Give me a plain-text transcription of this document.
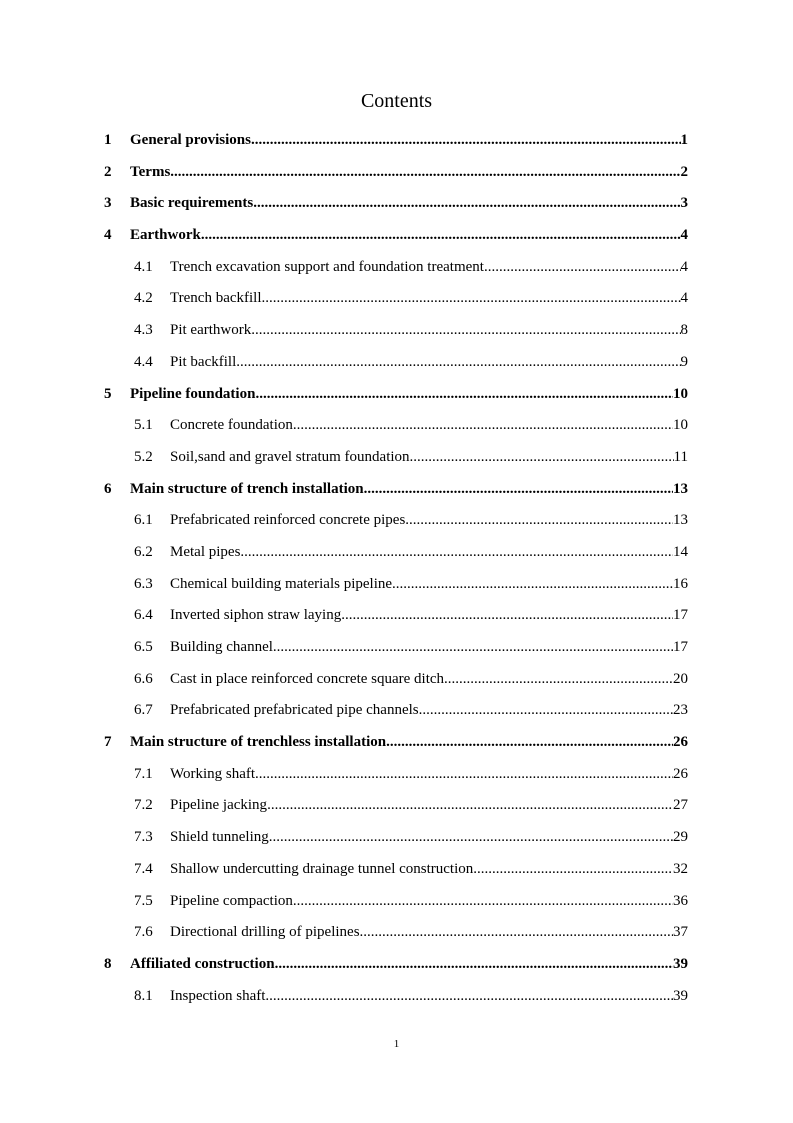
Contents
1 General provisions .....	1
2 Terms .....	2
3 Basic requirements .....	3
4 Earthwork .....	4
4.1 Trench excavation support and foundation treatment .....	4
4.2 Trench backfill .....	4
4.3 Pit earthwork .....	8
4.4 Pit backfill .....	9
5 Pipeline foundation .....	10
5.1 Concrete foundation .....	10
5.2 Soil,sand and gravel stratum foundation .....	11
6 Main structure of trench installation .....	13
6.1 Prefabricated reinforced concrete pipes .....	13
6.2 Metal pipes .....	14
6.3 Chemical building materials pipeline .....	16
6.4 Inverted siphon straw laying .....	17
6.5 Building channel .....	17
6.6 Cast in place reinforced concrete square ditch .....	20
6.7 Prefabricated prefabricated pipe channels .....	23
7 Main structure of trenchless installation .....	26
7.1 Working shaft .....	26
7.2 Pipeline jacking .....	27
7.3 Shield tunneling .....	29
7.4 Shallow undercutting drainage tunnel construction .....	32
7.5 Pipeline compaction .....	36
7.6 Directional drilling of pipelines .....	37
8 Affiliated construction .....	39
8.1 Inspection shaft .....	39
1
